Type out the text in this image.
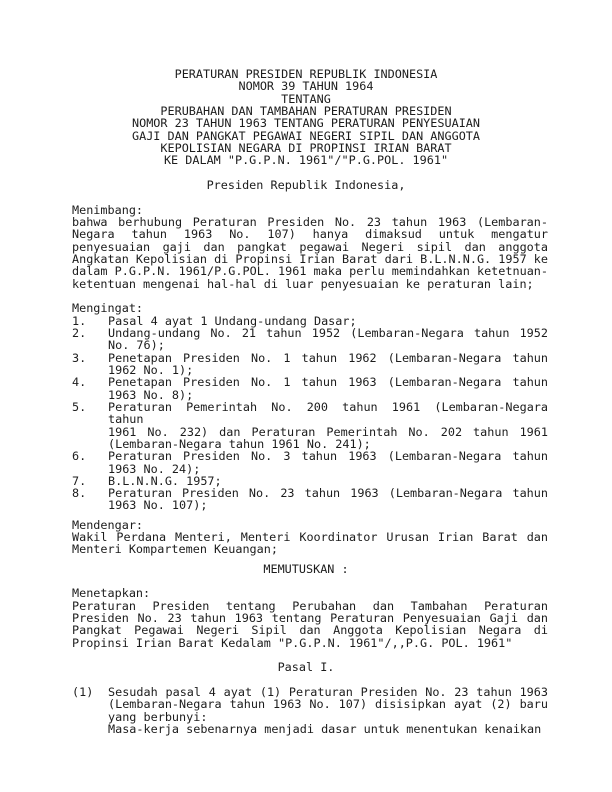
PERATURAN PRESIDEN REPUBLIK INDONESIA
NOMOR 39 TAHUN 1964
TENTANG
PERUBAHAN DAN TAMBAHAN PERATURAN PRESIDEN
NOMOR 23 TAHUN 1963 TENTANG PERATURAN PENYESUAIAN
GAJI DAN PANGKAT PEGAWAI NEGERI SIPIL DAN ANGGOTA
KEPOLISIAN NEGARA DI PROPINSI IRIAN BARAT
KE DALAM "P.G.P.N. 1961"/"P.G.POL. 1961"
Presiden Republik Indonesia,
Menimbang:
bahwa berhubung Peraturan Presiden No. 23 tahun 1963 (Lembaran-
Negara tahun 1963 No. 107) hanya dimaksud untuk mengatur
penyesuaian gaji dan pangkat pegawai Negeri sipil dan anggota
Angkatan Kepolisian di Propinsi Irian Barat dari B.L.N.N.G. 1957 ke
dalam P.G.P.N. 1961/P.G.POL. 1961 maka perlu memindahkan ketetnuan-
ketentuan mengenai hal-hal di luar penyesuaian ke peraturan lain;
Mengingat:
1. Pasal 4 ayat 1 Undang-undang Dasar;
2. Undang-undang No. 21 tahun 1952 (Lembaran-Negara tahun 1952
No. 76);
3. Penetapan Presiden No. 1 tahun 1962 (Lembaran-Negara tahun
1962 No. 1);
4. Penetapan Presiden No. 1 tahun 1963 (Lembaran-Negara tahun
1963 No. 8);
5. Peraturan Pemerintah No. 200 tahun 1961 (Lembaran-Negara tahun
1961 No. 232) dan Peraturan Pemerintah No. 202 tahun 1961
(Lembaran-Negara tahun 1961 No. 241);
6. Peraturan Presiden No. 3 tahun 1963 (Lembaran-Negara tahun
1963 No. 24);
7. B.L.N.N.G. 1957;
8. Peraturan Presiden No. 23 tahun 1963 (Lembaran-Negara tahun
1963 No. 107);
Mendengar:
Wakil Perdana Menteri, Menteri Koordinator Urusan Irian Barat dan
Menteri Kompartemen Keuangan;
MEMUTUSKAN :
Menetapkan:
Peraturan Presiden tentang Perubahan dan Tambahan Peraturan
Presiden No. 23 tahun 1963 tentang Peraturan Penyesuaian Gaji dan
Pangkat Pegawai Negeri Sipil dan Anggota Kepolisian Negara di
Propinsi Irian Barat Kedalam "P.G.P.N. 1961"/,,P.G. POL. 1961"
Pasal I.
(1) Sesudah pasal 4 ayat (1) Peraturan Presiden No. 23 tahun 1963
(Lembaran-Negara tahun 1963 No. 107) disisipkan ayat (2) baru
yang berbunyi:
Masa-kerja sebenarnya menjadi dasar untuk menentukan kenaikan
